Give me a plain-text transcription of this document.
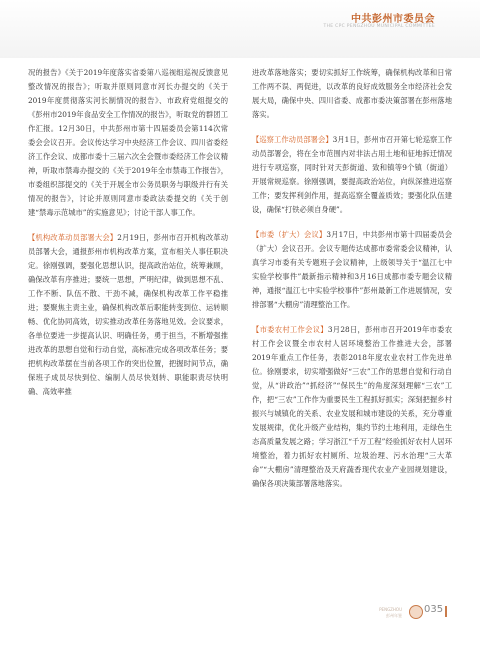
中共彭州市委员会
THE CPC PENGZHOU MUNICIPAL COMMITTEE

况的报告》《关于2019年度落实省委第八巡视组巡视反馈意见整改情况的报告》；听取并原则同意市河长办提交的《关于2019年度贯彻落实河长制情况的报告》、市政府党组提交的《彭州市2019年食品安全工作情况的报告》，听取党的群团工作汇报。12月30日，中共彭州市第十四届委员会第114次常委会会议召开。会议传达学习中央经济工作会议、四川省委经济工作会议、成都市委十三届六次全会暨市委经济工作会议精神，听取市禁毒办提交的《关于2019年全市禁毒工作报告》，市委组织部提交的《关于开展全市公务员职务与职级并行有关情况的报告》，讨论并原则同意市委政法委提交的《关于创建“禁毒示范城市”的实施意见》；讨论干部人事工作。

【机构改革动员部署大会】2月19日，彭州市召开机构改革动员部署大会，通报彭州市机构改革方案，宣布相关人事任职决定。徐刚强调，要强化思想认识，提高政治站位，统筹兼顾，确保改革有序推进；要统一思想，严明纪律，做到思想不乱、工作不断、队伍不散、干劲不减，确保机构改革工作平稳推进；要聚焦主责主业，确保机构改革后职能转变到位、运转顺畅、优化协同高效，切实推动改革任务落地见效。会议要求，各单位要进一步提高认识、明确任务，勇于担当，不断增强推进改革的思想自觉和行动自觉，高标准完成各项改革任务；要把机构改革摆在当前各项工作的突出位置，把握时间节点，确保班子成员尽快到位、编制人员尽快划转、职能职责尽快明确、高效率推

进改革落地落实；要切实抓好工作统筹，确保机构改革和日常工作两不误、两促进，以改革的良好成效服务全市经济社会发展大局，确保中央、四川省委、成都市委决策部署在彭州落地落实。

【巡察工作动员部署会】3月1日，彭州市召开第七轮巡察工作动员部署会，将在全市范围内对非法占用土地和征地拆迁情况进行专项巡察，同时针对天彭街道、致和镇等9个镇（街道）开展常规巡察。徐刚强调，要提高政治站位，向纵深推进巡察工作；要发挥利剑作用，提高巡察全覆盖质效；要强化队伍建设，确保“打铁必须自身硬”。

【市委（扩大）会议】3月17日，中共彭州市第十四届委员会（扩大）会议召开。会议专题传达成都市委常委会议精神，认真学习市委有关专题班子会议精神，上级领导关于“温江七中实验学校事件”最新指示精神和3月16日成都市委专题会议精神，通报“温江七中实验学校事件”彭州最新工作进展情况，安排部署“大棚房”清理整治工作。

【市委农村工作会议】3月28日，彭州市召开2019年市委农村工作会议暨全市农村人居环境整治工作推进大会，部署2019年重点工作任务，表彰2018年度农业农村工作先进单位。徐刚要求，切实增强做好“三农”工作的思想自觉和行动自觉，从“讲政治”“抓经济”“保民生”的角度深刻理解“三农”工作，把“三农”工作作为重要民生工程抓好抓实；深刻把握乡村振兴与城镇化的关系、农业发展和城市建设的关系，充分尊重发展规律，优化升级产业结构，集约节约土地利用，走绿色生态高质量发展之路；学习浙江“千万工程”经验抓好农村人居环境整治，着力抓好农村厕所、垃圾治理、污水治理“三大革命”“大棚房”清理整治及天府蔬香现代农业产业园规划建设，确保各项决策部署落地落实。

PENGZHOU
彭州年鉴
035
